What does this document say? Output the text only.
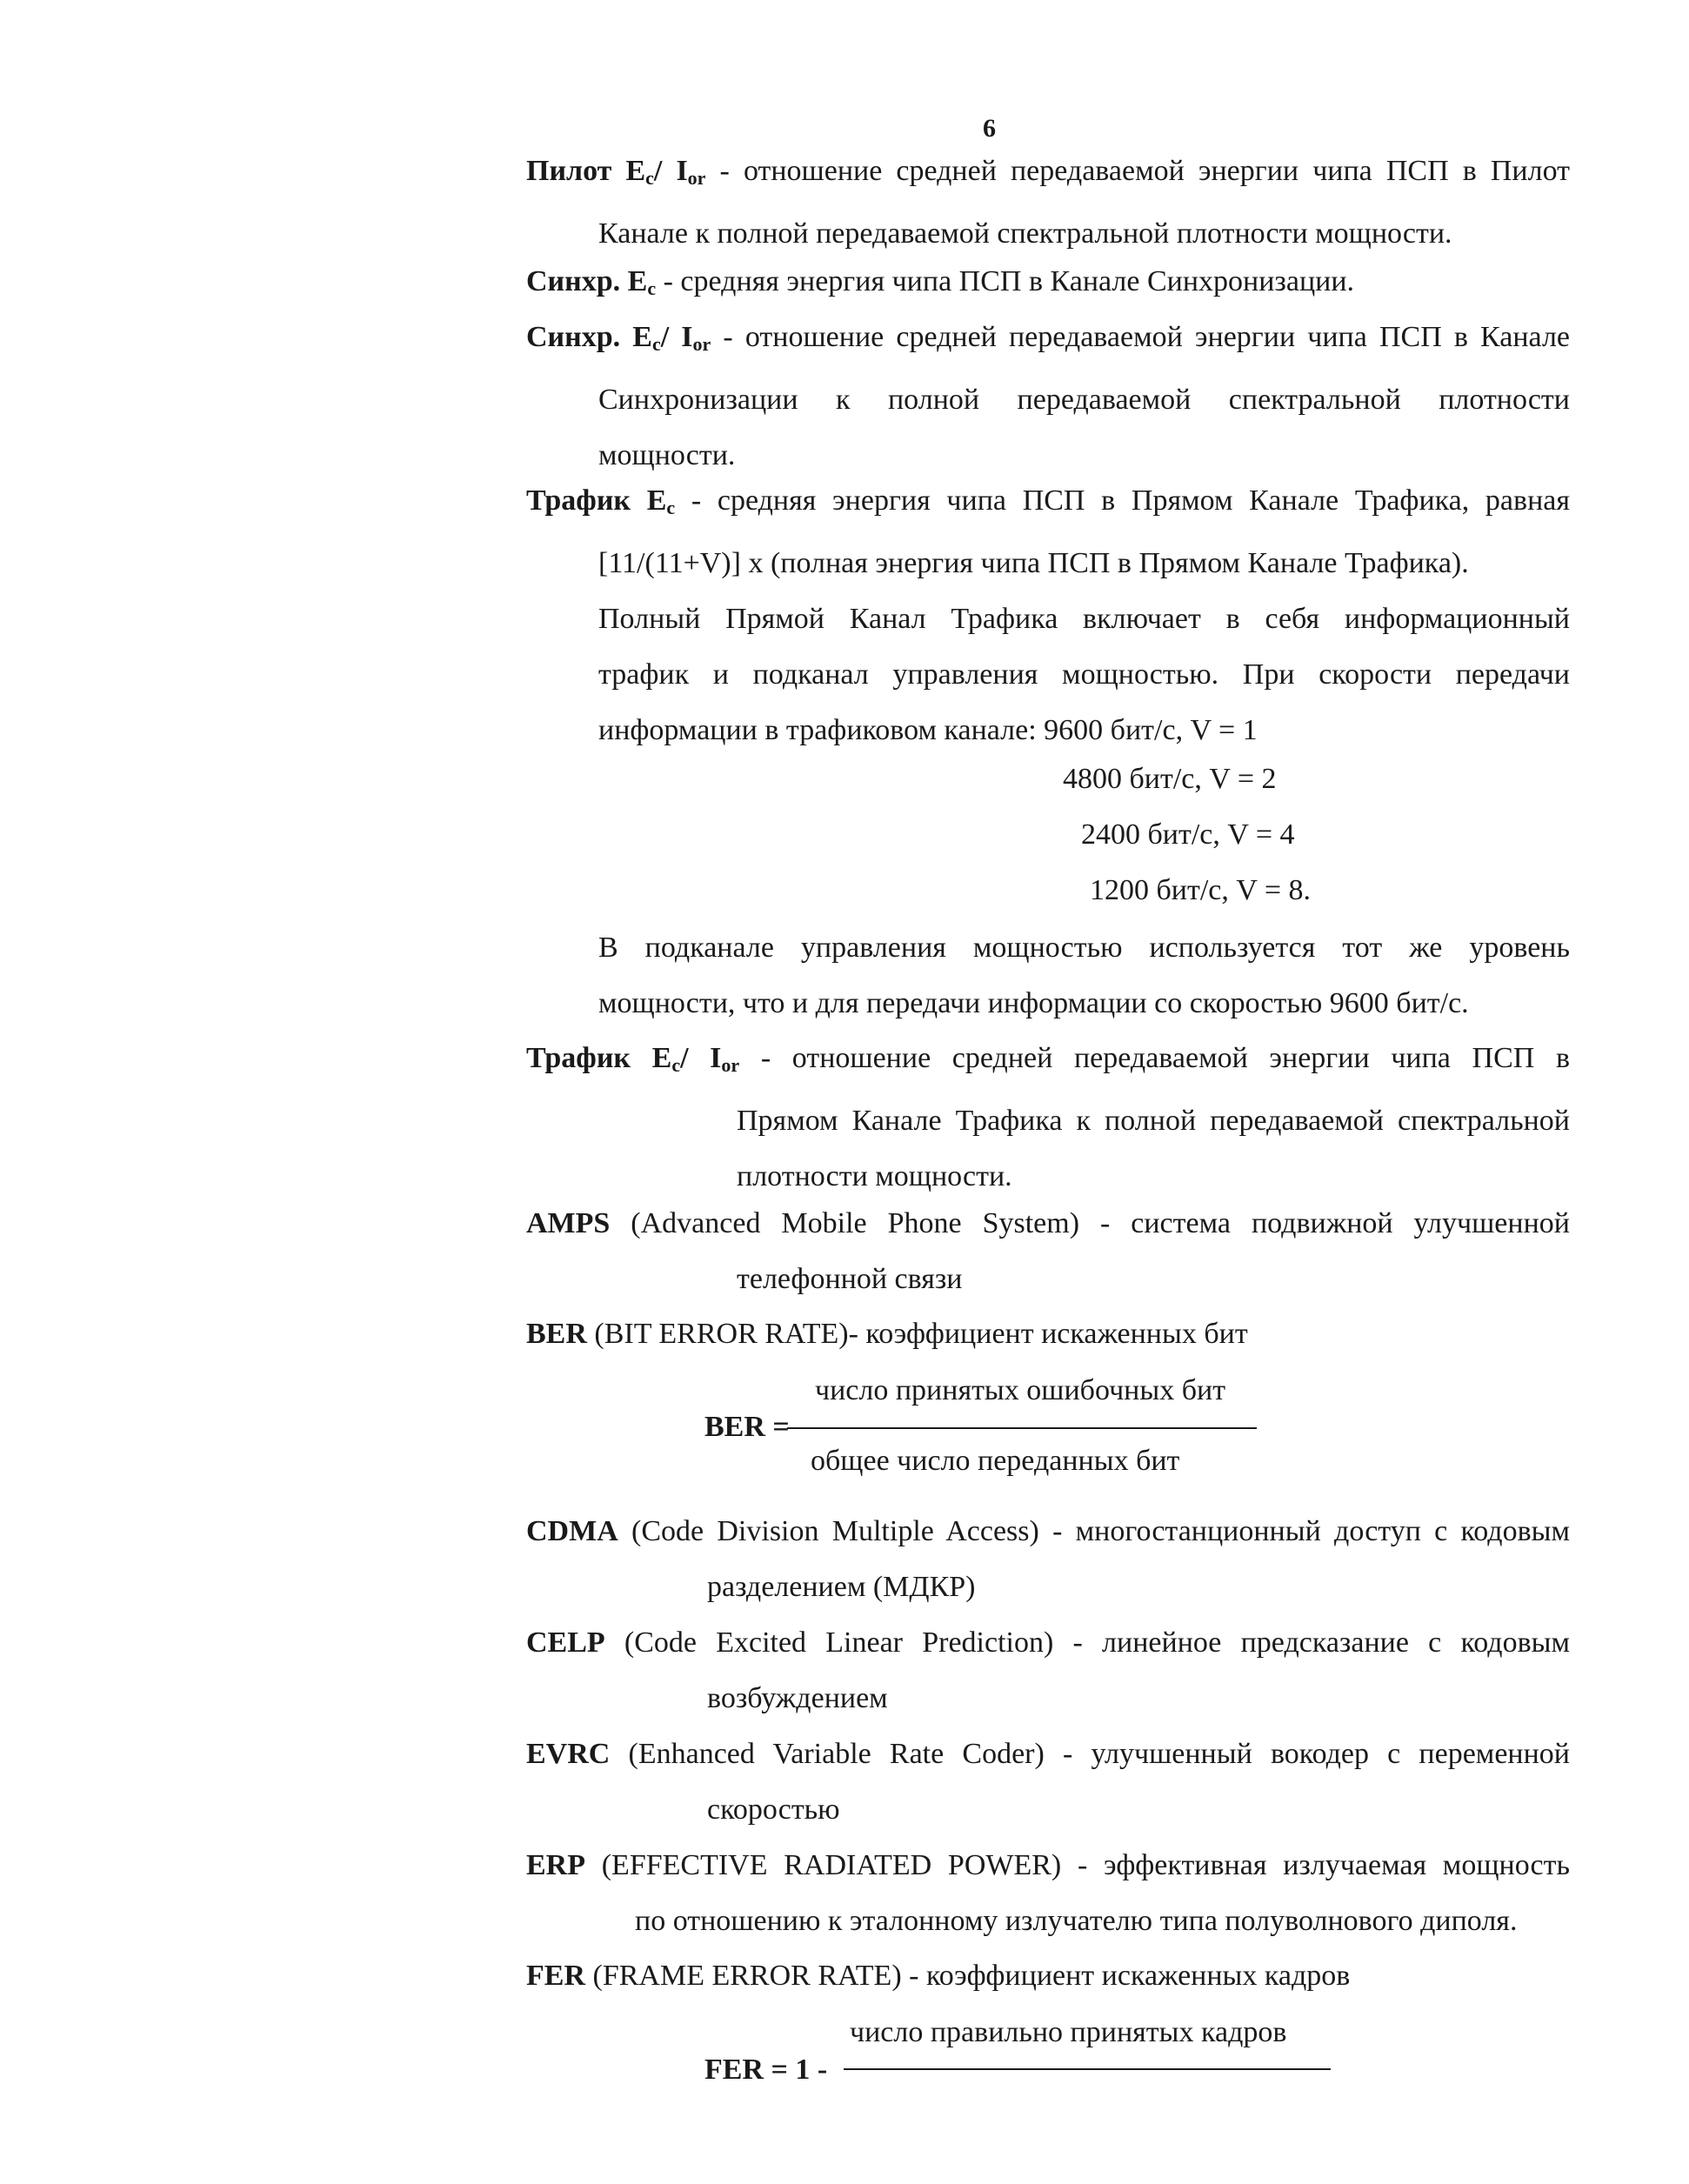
6
Пилот $E_c/$ $I_{or}$ - отношение средней передаваемой энергии чипа ПСП в Пилот
Канале к полной передаваемой спектральной плотности мощности.
Синхр. $E_c$ - средняя энергия чипа ПСП в Канале Синхронизации.
Синхр. $E_c/$ $I_{or}$ - отношение средней передаваемой энергии чипа ПСП в Канале
Синхронизации к полной передаваемой спектральной плотности
мощности.
Трафик $E_c$ - средняя энергия чипа ПСП в Прямом Канале Трафика, равная
[11/(11+V)] x (полная энергия чипа ПСП в Прямом Канале Трафика).
Полный Прямой Канал Трафика включает в себя информационный
трафик и подканал управления мощностью. При скорости передачи
информации в трафиковом канале: 9600 бит/с, V = 1
4800 бит/с, V = 2
2400 бит/с, V = 4
1200 бит/с, V = 8.
В подканале управления мощностью используется тот же уровень
мощности, что и для передачи информации со скоростью 9600 бит/с.
Трафик $E_c/$ $I_{or}$ - отношение средней передаваемой энергии чипа ПСП в
Прямом Канале Трафика к полной передаваемой спектральной
плотности мощности.
AMPS (Advanced Mobile Phone System) - система подвижной улучшенной
телефонной связи
BER (BIT ERROR RATE)- коэффициент искаженных бит
число принятых ошибочных бит
BER =
общее число переданных бит
CDMA (Code Division Multiple Access) - многостанционный доступ с кодовым
разделением (МДКР)
CELP (Code Excited Linear Prediction) - линейное предсказание с кодовым
возбуждением
EVRC (Enhanced Variable Rate Coder) - улучшенный вокодер с переменной
скоростью
ERP (EFFECTIVE RADIATED POWER) - эффективная излучаемая мощность
по отношению к эталонному излучателю типа полуволнового диполя.
FER (FRAME ERROR RATE) - коэффициент искаженных кадров
число правильно принятых кадров
FER = 1 -
